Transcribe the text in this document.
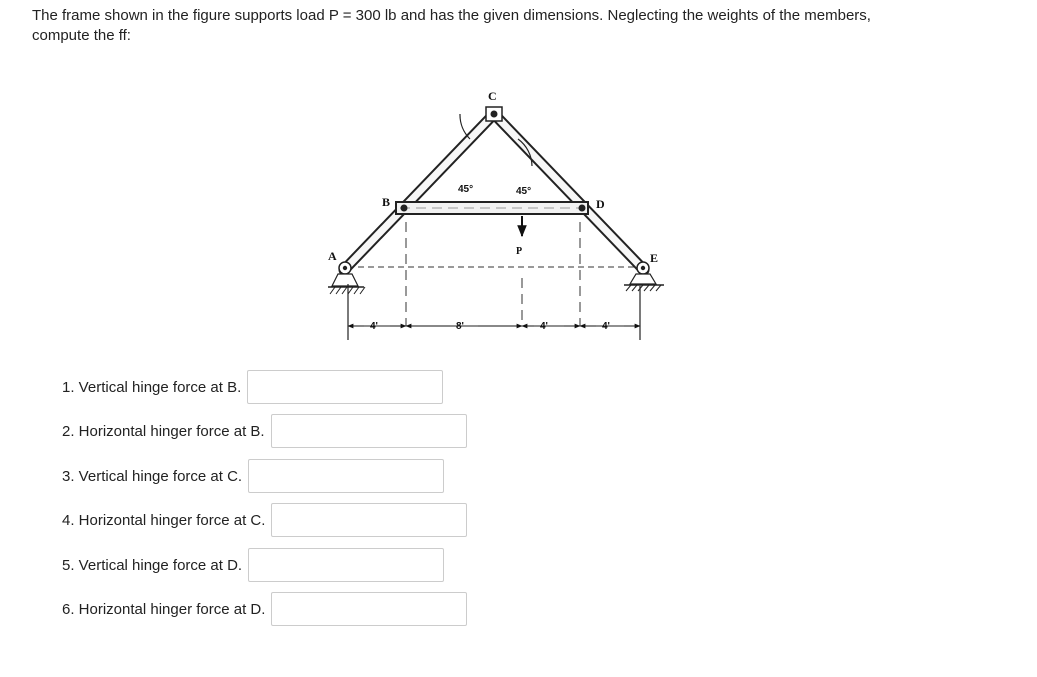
The frame shown in the figure supports load P = 300 lb and has the given dimensions. Neglecting the weights of the members, compute the ff:
A
B
C
D
E
P
45°	45°
4'	8'	4'	4'
1. Vertical hinge force at B.
2. Horizontal hinger force at B.
3. Vertical hinge force at C.
4. Horizontal hinger force at C.
5. Vertical hinge force at D.
6. Horizontal hinger force at D.
